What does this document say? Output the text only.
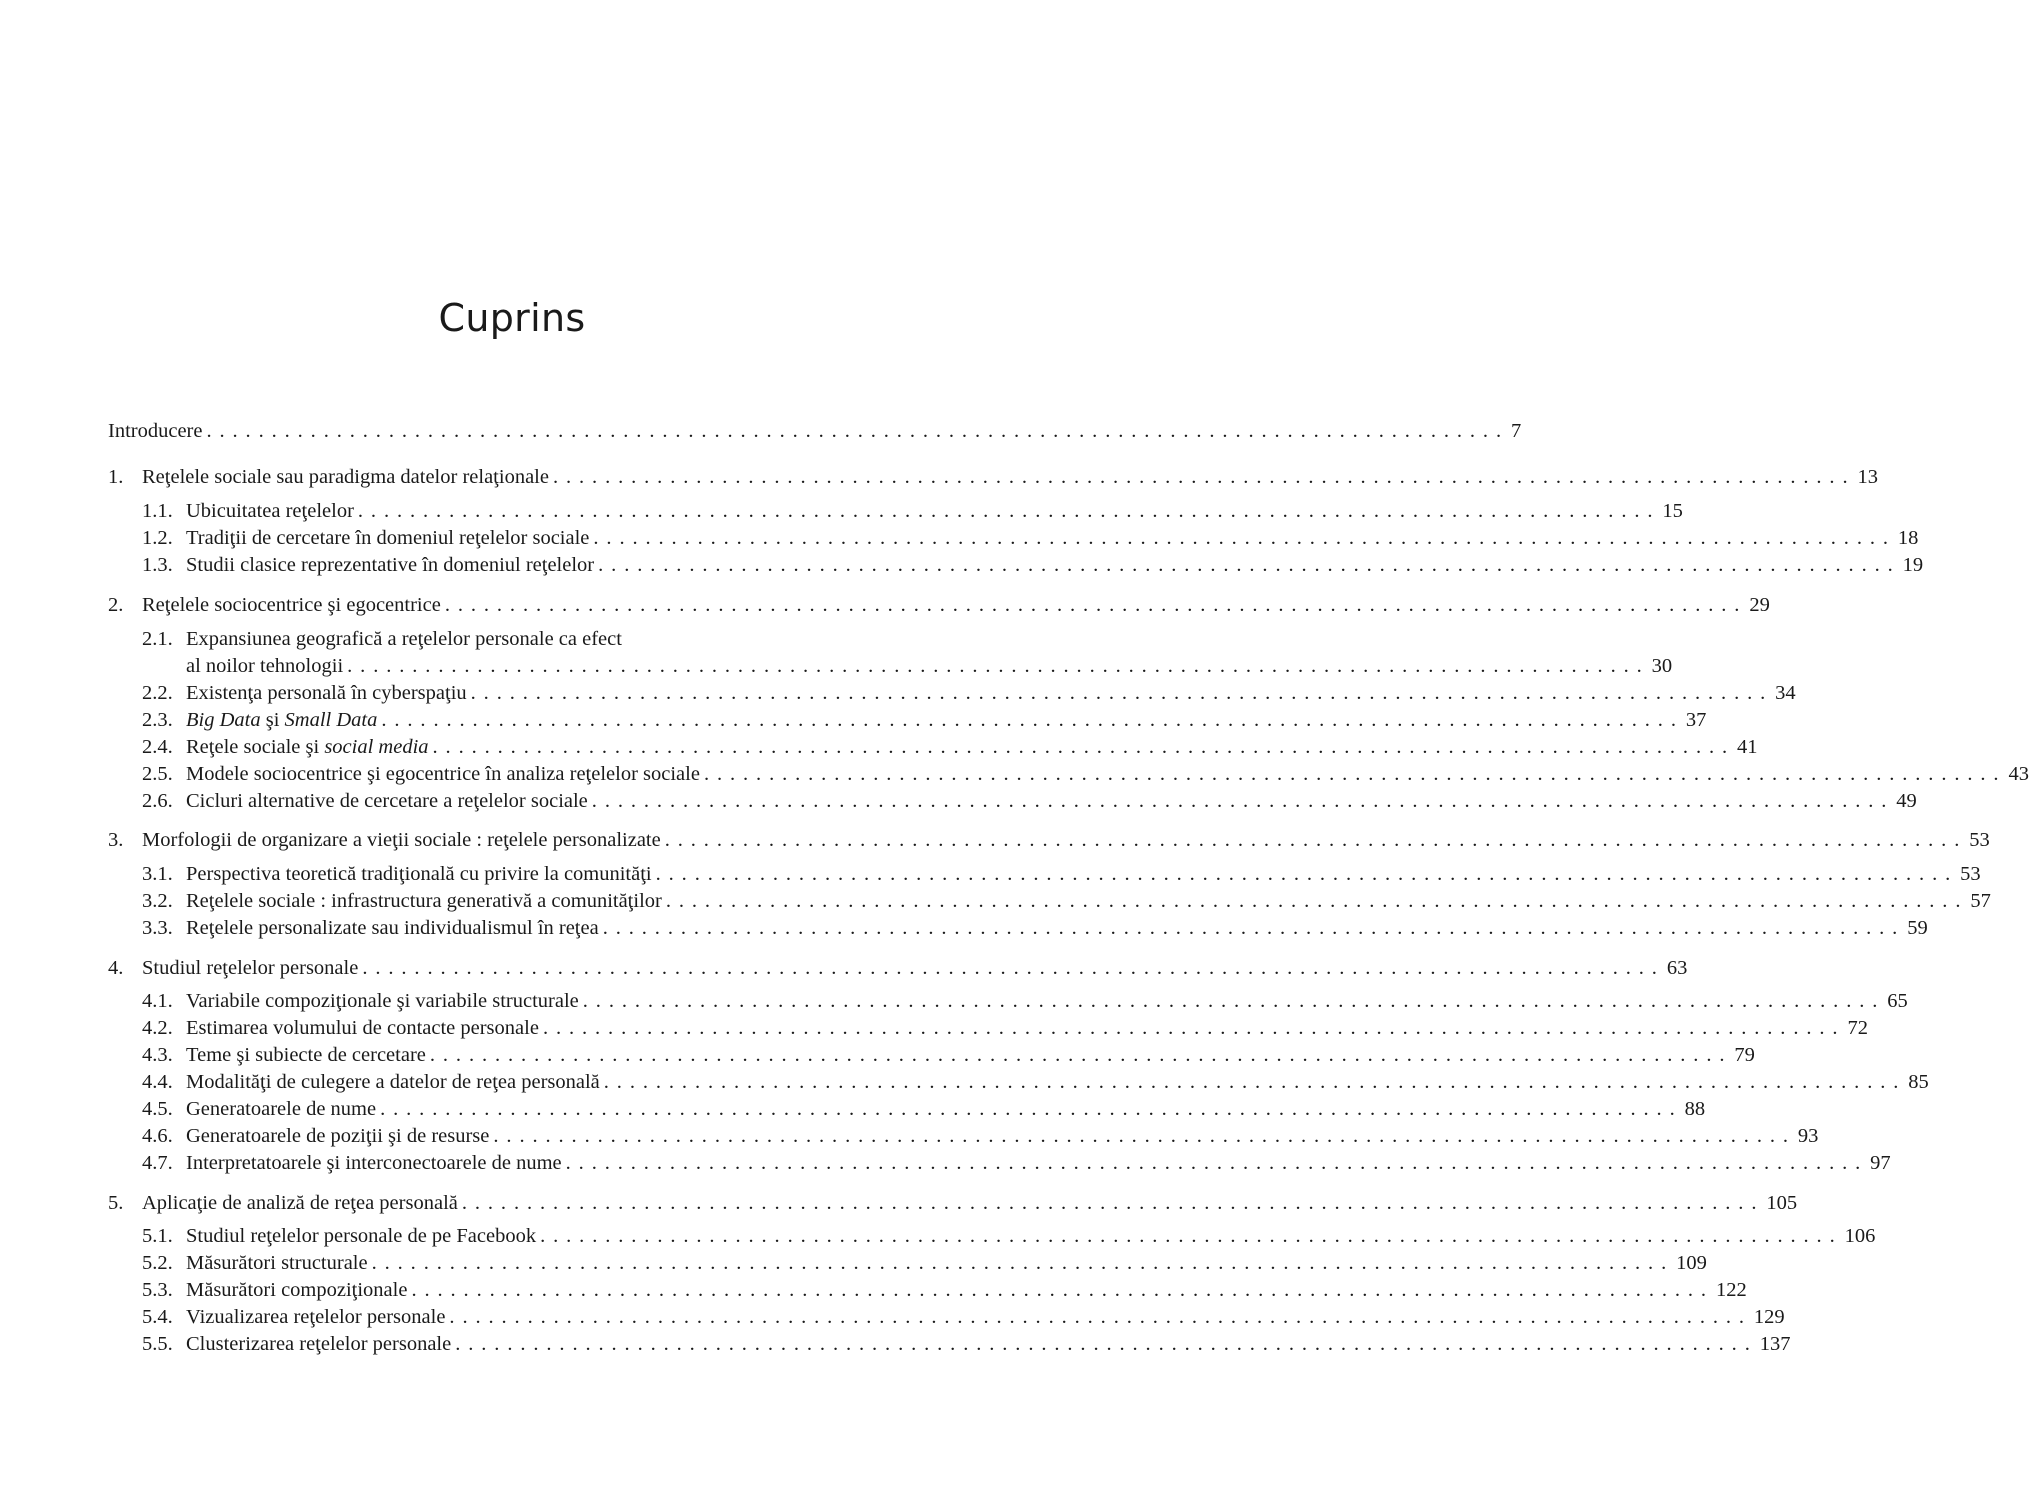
Cuprins
Introducere .................................................................................................... 7
1. Reţelele sociale sau paradigma datelor relaţionale .................................................................................................... 13
1.1. Ubicuitatea reţelelor .................................................................................................... 15
1.2. Tradiţii de cercetare în domeniul reţelelor sociale .................................................................................................... 18
1.3. Studii clasice reprezentative în domeniul reţelelor .................................................................................................... 19
2. Reţelele sociocentrice şi egocentrice .................................................................................................... 29
2.1. Expansiunea geografică a reţelelor personale ca efect
al noilor tehnologii .................................................................................................... 30
2.2. Existenţa personală în cyberspaţiu .................................................................................................... 34
2.3. Big Data şi Small Data .................................................................................................... 37
2.4. Reţele sociale şi social media .................................................................................................... 41
2.5. Modele sociocentrice şi egocentrice în analiza reţelelor sociale .................................................................................................... 43
2.6. Cicluri alternative de cercetare a reţelelor sociale .................................................................................................... 49
3. Morfologii de organizare a vieţii sociale : reţelele personalizate .................................................................................................... 53
3.1. Perspectiva teoretică tradiţională cu privire la comunităţi .................................................................................................... 53
3.2. Reţelele sociale : infrastructura generativă a comunităţilor .................................................................................................... 57
3.3. Reţelele personalizate sau individualismul în reţea .................................................................................................... 59
4. Studiul reţelelor personale .................................................................................................... 63
4.1. Variabile compoziţionale şi variabile structurale .................................................................................................... 65
4.2. Estimarea volumului de contacte personale .................................................................................................... 72
4.3. Teme şi subiecte de cercetare .................................................................................................... 79
4.4. Modalităţi de culegere a datelor de reţea personală .................................................................................................... 85
4.5. Generatoarele de nume .................................................................................................... 88
4.6. Generatoarele de poziţii şi de resurse .................................................................................................... 93
4.7. Interpretatoarele şi interconectoarele de nume .................................................................................................... 97
5. Aplicaţie de analiză de reţea personală .................................................................................................... 105
5.1. Studiul reţelelor personale de pe Facebook .................................................................................................... 106
5.2. Măsurători structurale .................................................................................................... 109
5.3. Măsurători compoziţionale .................................................................................................... 122
5.4. Vizualizarea reţelelor personale .................................................................................................... 129
5.5. Clusterizarea reţelelor personale .................................................................................................... 137
